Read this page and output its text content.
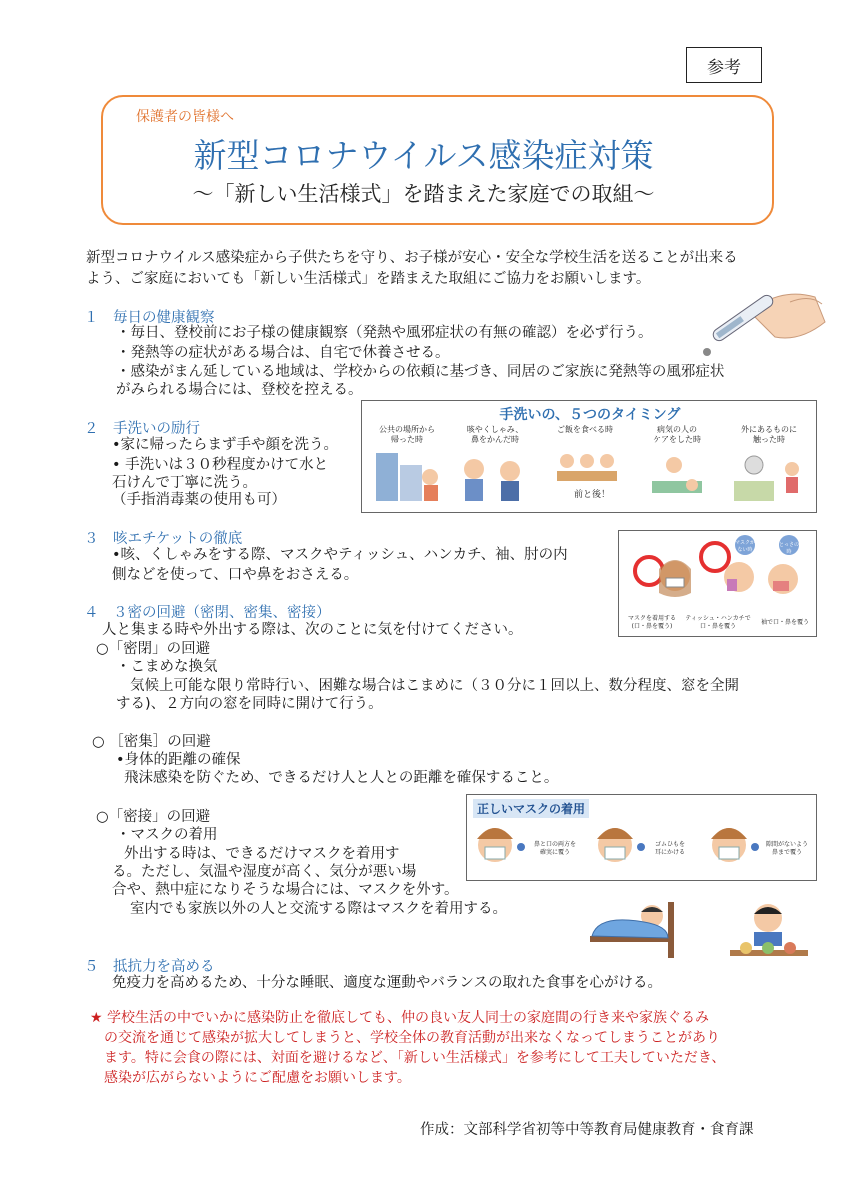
参考
保護者の皆様へ
新型コロナウイルス感染症対策
〜「新しい生活様式」を踏まえた家庭での取組〜
新型コロナウイルス感染症から子供たちを守り、お子様が安心・安全な学校生活を送ることが出来る
よう、ご家庭においても「新しい生活様式」を踏まえた取組にご協力をお願いします。
１　毎日の健康観察
・毎日、登校前にお子様の健康観察（発熱や風邪症状の有無の確認）を必ず行う。
・発熱等の症状がある場合は、自宅で休養させる。
・感染がまん延している地域は、学校からの依頼に基づき、同居のご家族に発熱等の風邪症状
がみられる場合には、登校を控える。
２　手洗いの励行
•家に帰ったらまず手や顔を洗う。
• 手洗いは３０秒程度かけて水と
石けんで丁寧に洗う。
（手指消毒薬の使用も可）
手洗いの、５つのタイミング
公共の場所から
帰った時
咳やくしゃみ、
鼻をかんだ時
ご飯を食べる時	病気の人の
ケアをした時
外にあるものに
触った時
前と後！
３　咳エチケットの徹底
•咳、くしゃみをする際、マスクやティッシュ、ハンカチ、袖、肘の内
側などを使って、口や鼻をおさえる。
マスクがない時
とっさの時
マスクを着用する
(口・鼻を覆う)
ティッシュ・ハンカチで
口・鼻を覆う
袖で口・鼻を覆う
４　３密の回避（密閉、密集、密接）
人と集まる時や外出する際は、次のことに気を付けてください。
○「密閉」の回避
・こまめな換気
気候上可能な限り常時行い、困難な場合はこまめに（３０分に１回以上、数分程度、窓を全開
する)、２方向の窓を同時に開けて行う。
○ ［密集］の回避
•身体的距離の確保
飛沫感染を防ぐため、できるだけ人と人との距離を確保すること。
○「密接」の回避
・マスクの着用
外出する時は、できるだけマスクを着用す
る。ただし、気温や湿度が高く、気分が悪い場
合や、熱中症になりそうな場合には、マスクを外す。
室内でも家族以外の人と交流する際はマスクを着用する。
正しいマスクの着用
鼻と口の両方を
確実に覆う
ゴムひもを
耳にかける
隙間がないよう
鼻まで覆う
５　抵抗力を高める
免疫力を高めるため、十分な睡眠、適度な運動やバランスの取れた食事を心がける。
★ 学校生活の中でいかに感染防止を徹底しても、仲の良い友人同士の家庭間の行き来や家族ぐるみ
の交流を通じて感染が拡大してしまうと、学校全体の教育活動が出来なくなってしまうことがあり
ます。特に会食の際には、対面を避けるなど、「新しい生活様式」を参考にして工夫していただき、
感染が広がらないようにご配慮をお願いします。
作成：文部科学省初等中等教育局健康教育・食育課
